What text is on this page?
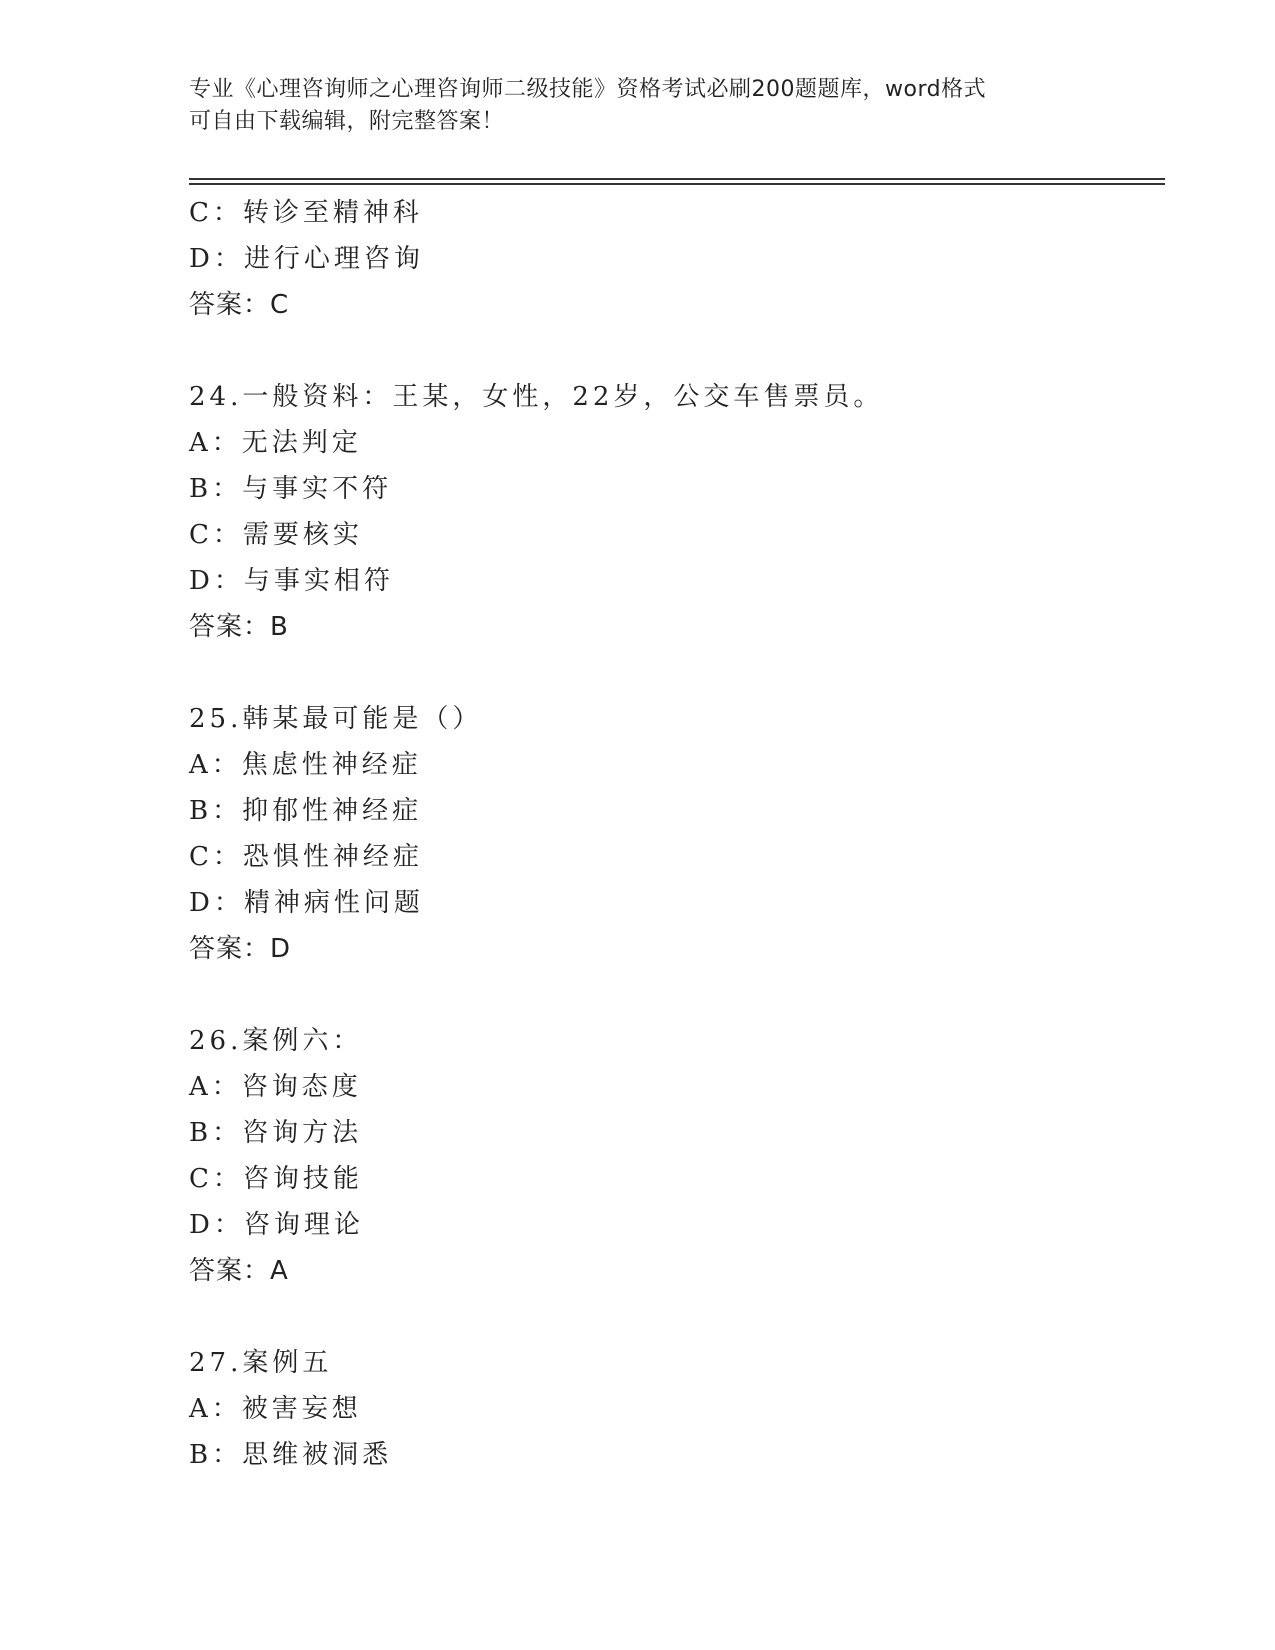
专业《心理咨询师之心理咨询师二级技能》资格考试必刷200题题库，word格式
可自由下载编辑，附完整答案！
C：转诊至精神科
D：进行心理咨询
答案：C
24.一般资料：王某，女性，22岁，公交车售票员。
A：无法判定
B：与事实不符
C：需要核实
D：与事实相符
答案：B
25.韩某最可能是（）
A：焦虑性神经症
B：抑郁性神经症
C：恐惧性神经症
D：精神病性问题
答案：D
26.案例六：
A：咨询态度
B：咨询方法
C：咨询技能
D：咨询理论
答案：A
27.案例五
A：被害妄想
B：思维被洞悉
